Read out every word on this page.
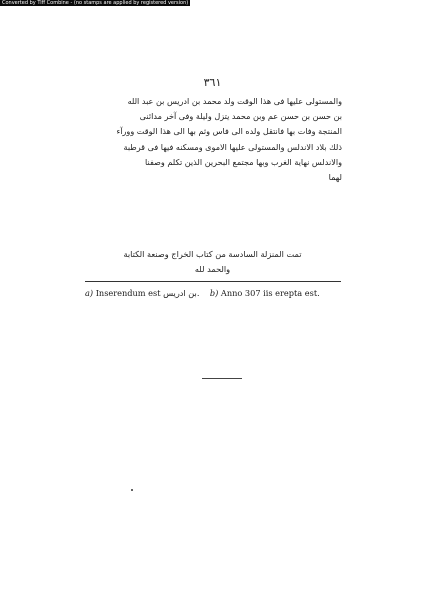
Converted by Tiff Combine - (no stamps are applied by registered version)
٣٦١
والمستولى عليها فى هذا الوقت ولد محمد بن ادريس بن عبد الله
بن حسن بن حسن عم وبن محمد يتزل وليلة وفى آخر مدائنى
المنتجة وفات بها فانتقل ولده الى فاس وثم بها الى هذا الوقت وورآء
ذلك بلاد الاندلس والمستولى عليها الاموى ومسكنه فيها فى قرطبة
والاندلس نهاية الغرب وبها مجتمع البحرين الذين تكلم وصفنا
لهما
تمت المنزلة السادسة من كتاب الخراج وصنعة الكتابة
والحمد لله
a) Inserendum est بن ادريس.    b) Anno 307 iis erepta est.
